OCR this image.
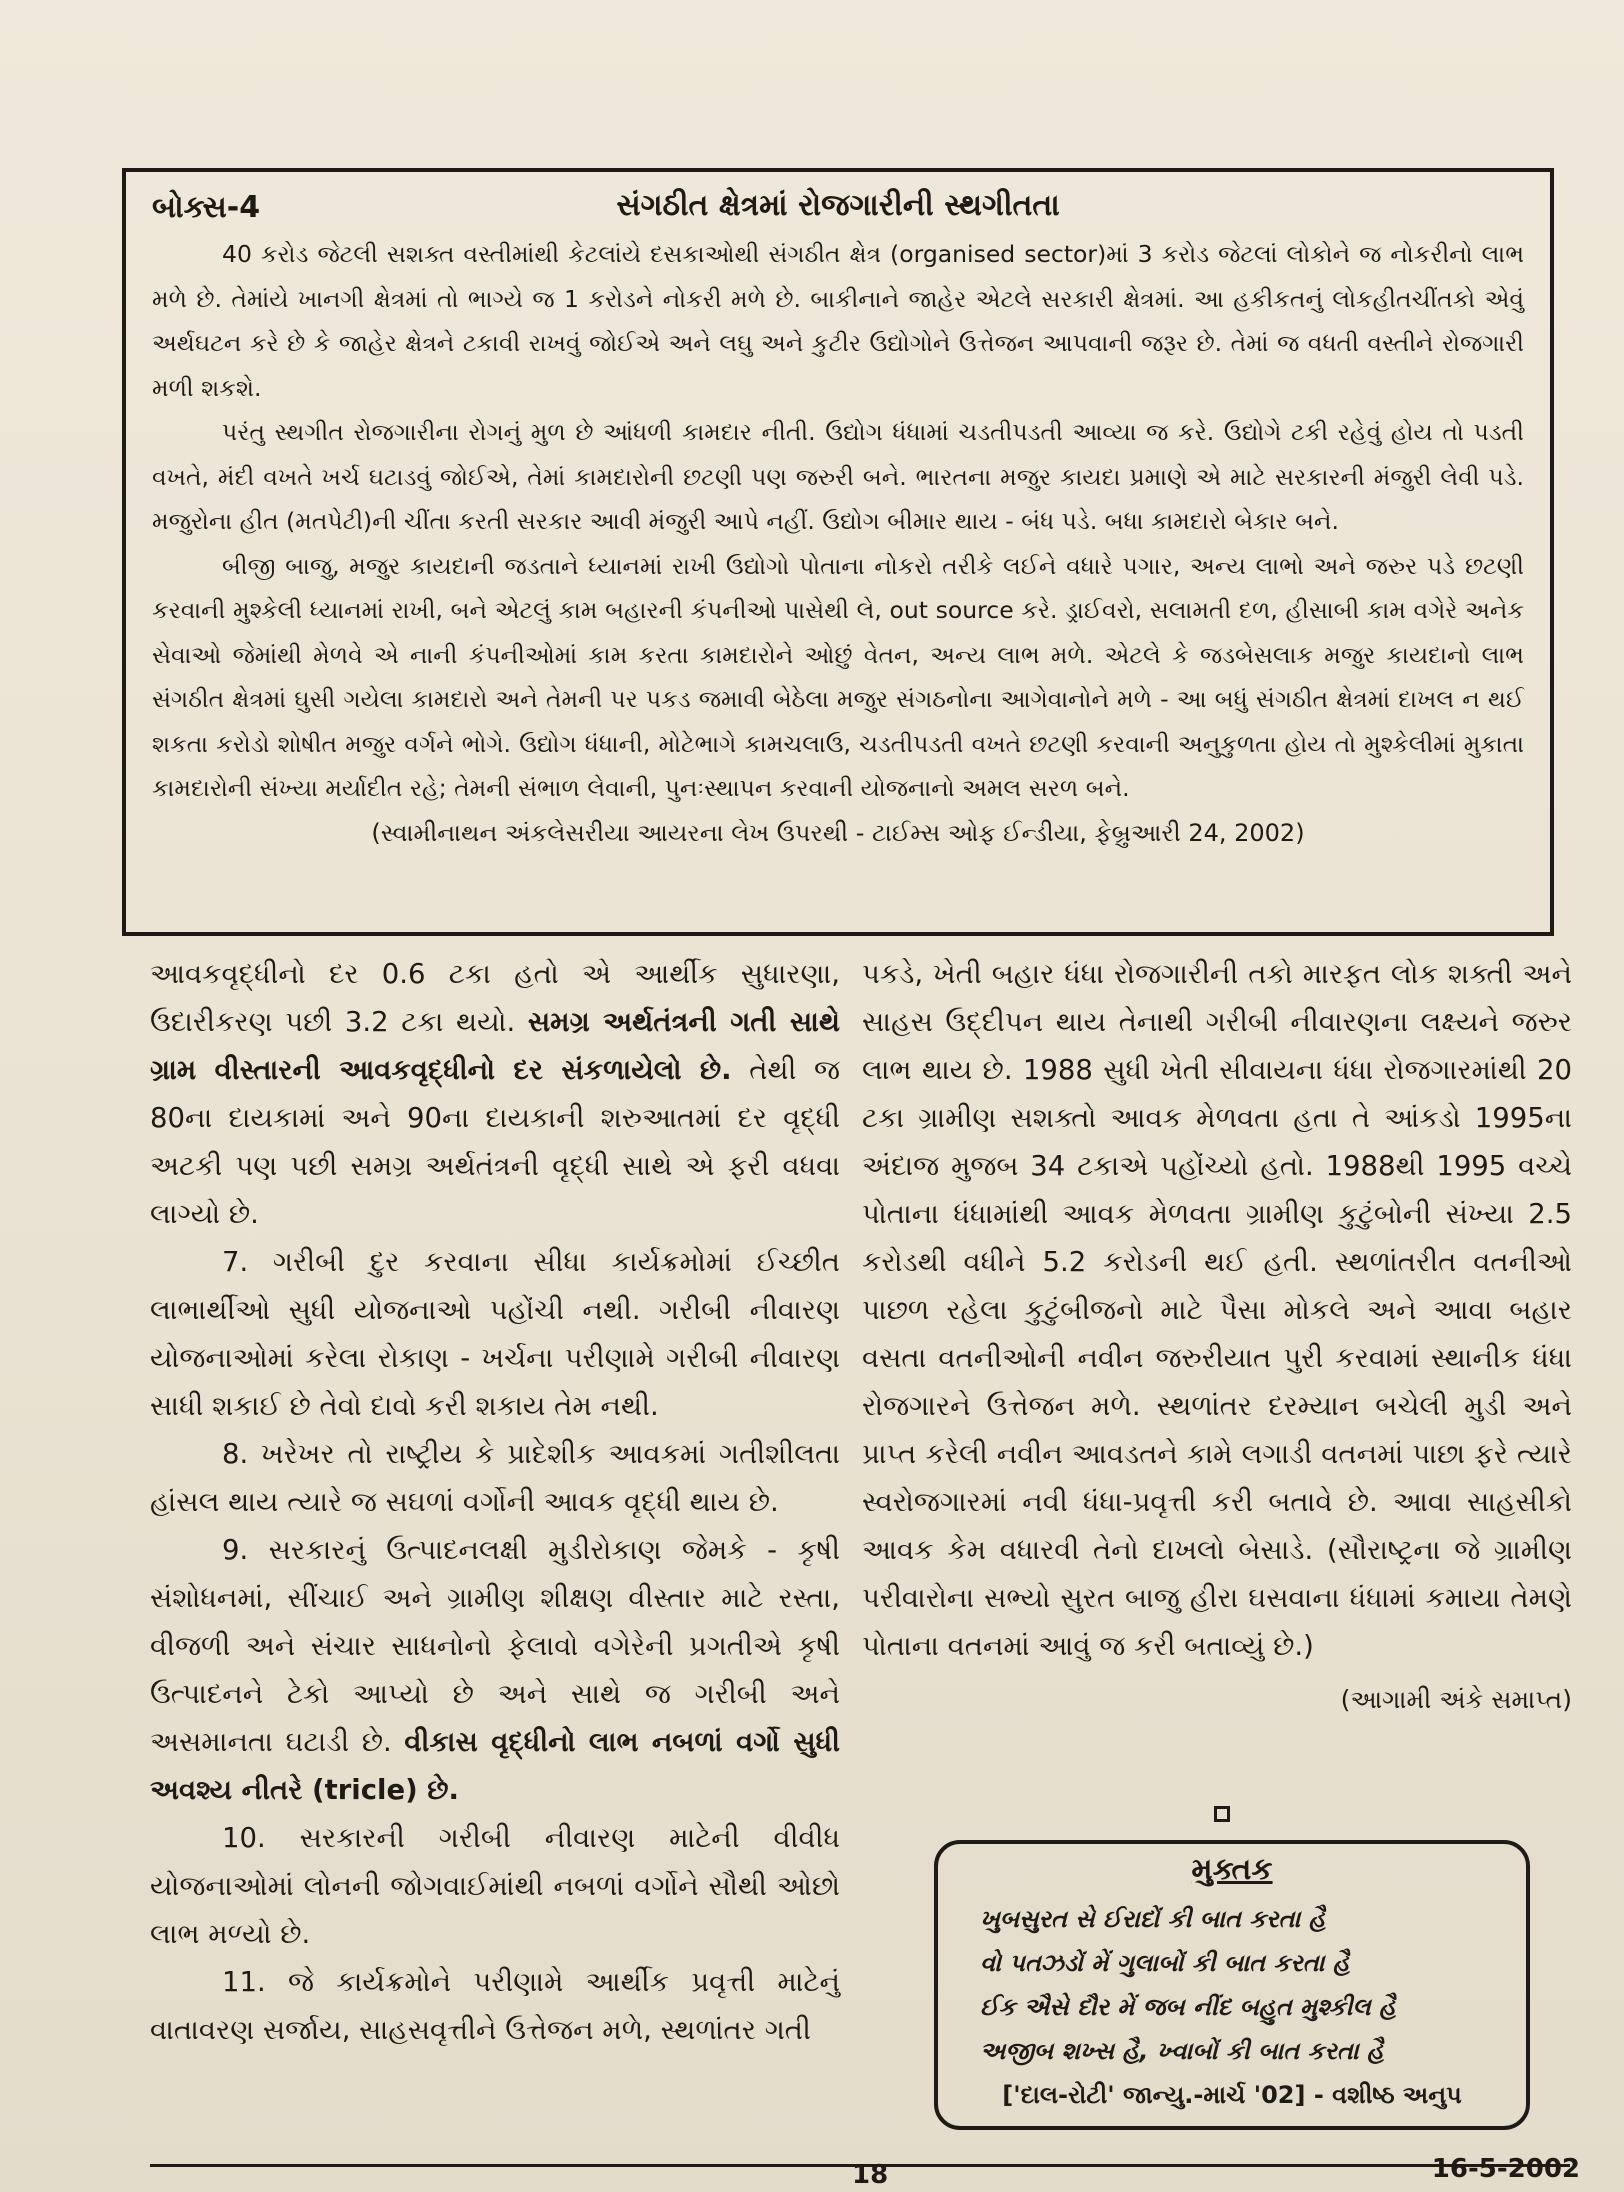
સંગઠીત ક્ષેત્રમાં રોજગારીની સ્થગીતતા
બોક્સ-4

40 કરોડ જેટલી સશક્ત વસ્તીમાંથી કેટલાંયે દસકાઓથી સંગઠીત ક્ષેત્ર (organised sector)માં 3 કરોડ જેટલાં લોકોને જ નોકરીનો લાભ મળે છે. તેમાંયે ખાનગી ક્ષેત્રમાં તો ભાગ્યે જ 1 કરોડને નોકરી મળે છે. બાકીનાને જાહેર એટલે સરકારી ક્ષેત્રમાં. આ હકીકતનું લોકહીતચીંતકો એવું અર્થઘટન કરે છે કે જાહેર ક્ષેત્રને ટકાવી રાખવું જોઈએ અને લઘુ અને કુટીર ઉદ્યોગોને ઉત્તેજન આપવાની જરૂર છે. તેમાં જ વધતી વસ્તીને રોજગારી મળી શકશે.

પરંતુ સ્થગીત રોજગારીના રોગનું મુળ છે આંધળી કામદાર નીતી. ઉદ્યોગ ધંધામાં ચડતીપડતી આવ્યા જ કરે. ઉદ્યોગે ટકી રહેવું હોય તો પડતી વખતે, મંદી વખતે ખર્ચ ઘટાડવું જોઈએ, તેમાં કામદારોની છટણી પણ જરુરી બને. ભારતના મજુર કાયદા પ્રમાણે એ માટે સરકારની મંજુરી લેવી પડે. મજુરોના હીત (મતપેટી)ની ચીંતા કરતી સરકાર આવી મંજુરી આપે નહીં. ઉદ્યોગ બીમાર થાય - બંધ પડે. બધા કામદારો બેકાર બને.

બીજી બાજુ, મજુર કાયદાની જડતાને ધ્યાનમાં રાખી ઉદ્યોગો પોતાના નોકરો તરીકે લઈને વધારે પગાર, અન્ય લાભો અને જરુર પડે છટણી કરવાની મુશ્કેલી ધ્યાનમાં રાખી, બને એટલું કામ બહારની કંપનીઓ પાસેથી લે, out source કરે. ડ્રાઈવરો, સલામતી દળ, હીસાબી કામ વગેરે અનેક સેવાઓ જેમાંથી મેળવે એ નાની કંપનીઓમાં કામ કરતા કામદારોને ઓછું વેતન, અન્ય લાભ મળે. એટલે કે જડબેસલાક મજુર કાયદાનો લાભ સંગઠીત ક્ષેત્રમાં ઘુસી ગયેલા કામદારો અને તેમની પર પકડ જમાવી બેઠેલા મજુર સંગઠનોના આગેવાનોને મળે - આ બધું સંગઠીત ક્ષેત્રમાં દાખલ ન થઈ શકતા કરોડો શોષીત મજુર વર્ગને ભોગે. ઉદ્યોગ ધંધાની, મોટેભાગે કામચલાઉ, ચડતીપડતી વખતે છટણી કરવાની અનુકુળતા હોય તો મુશ્કેલીમાં મુકાતા કામદારોની સંખ્યા મર્યાદીત રહે; તેમની સંભાળ લેવાની, પુનઃસ્થાપન કરવાની યોજનાનો અમલ સરળ બને.

(સ્વામીનાથન અંકલેસરીયા આયરના લેખ ઉપરથી - ટાઈમ્સ ઓફ ઈન્ડીયા, ફેબ્રુઆરી 24, 2002)

આવકવૃદ્ધીનો દર 0.6 ટકા હતો એ આર્થીક સુધારણા, ઉદારીકરણ પછી 3.2 ટકા થયો. સમગ્ર અર્થતંત્રની ગતી સાથે ગ્રામ વીસ્તારની આવકવૃદ્ધીનો દર સંકળાયેલો છે. તેથી જ 80ના દાયકામાં અને 90ના દાયકાની શરુઆતમાં દર વૃદ્ધી અટકી પણ પછી સમગ્ર અર્થતંત્રની વૃદ્ધી સાથે એ ફરી વધવા લાગ્યો છે.

7. ગરીબી દુર કરવાના સીધા કાર્યક્રમોમાં ઈચ્છીત લાભાર્થીઓ સુધી યોજનાઓ પહોંચી નથી. ગરીબી નીવારણ યોજનાઓમાં કરેલા રોકાણ - ખર્ચના પરીણામે ગરીબી નીવારણ સાધી શકાઈ છે તેવો દાવો કરી શકાય તેમ નથી.

8. ખરેખર તો રાષ્ટ્રીય કે પ્રાદેશીક આવકમાં ગતીશીલતા હાંસલ થાય ત્યારે જ સઘળાં વર્ગોની આવક વૃદ્ધી થાય છે.

9. સરકારનું ઉત્પાદનલક્ષી મુડીરોકાણ જેમકે - કૃષી સંશોધનમાં, સીંચાઈ અને ગ્રામીણ શીક્ષણ વીસ્તાર માટે રસ્તા, વીજળી અને સંચાર સાધનોનો ફેલાવો વગેરેની પ્રગતીએ કૃષી ઉત્પાદનને ટેકો આપ્યો છે અને સાથે જ ગરીબી અને અસમાનતા ઘટાડી છે. વીકાસ વૃદ્ધીનો લાભ નબળાં વર્ગો સુધી અવશ્ય નીતરે (tricle) છે.

10. સરકારની ગરીબી નીવારણ માટેની વીવીધ યોજનાઓમાં લોનની જોગવાઈમાંથી નબળાં વર્ગોને સૌથી ઓછો લાભ મળ્યો છે.

11. જે કાર્યક્રમોને પરીણામે આર્થીક પ્રવૃત્તી માટેનું વાતાવરણ સર્જાય, સાહસવૃત્તીને ઉત્તેજન મળે, સ્થળાંતર ગતી

પકડે, ખેતી બહાર ધંધા રોજગારીની તકો મારફત લોક શક્તી અને સાહસ ઉદ્દીપન થાય તેનાથી ગરીબી નીવારણના લક્ષ્યને જરુર લાભ થાય છે. 1988 સુધી ખેતી સીવાયના ધંધા રોજગારમાંથી 20 ટકા ગ્રામીણ સશક્તો આવક મેળવતા હતા તે આંકડો 1995ના અંદાજ મુજબ 34 ટકાએ પહોંચ્યો હતો. 1988થી 1995 વચ્ચે પોતાના ધંધામાંથી આવક મેળવતા ગ્રામીણ કુટુંબોની સંખ્યા 2.5 કરોડથી વધીને 5.2 કરોડની થઈ હતી. સ્થળાંતરીત વતનીઓ પાછળ રહેલા કુટુંબીજનો માટે પૈસા મોકલે અને આવા બહાર વસતા વતનીઓની નવીન જરુરીયાત પુરી કરવામાં સ્થાનીક ધંધા રોજગારને ઉત્તેજન મળે. સ્થળાંતર દરમ્યાન બચેલી મુડી અને પ્રાપ્ત કરેલી નવીન આવડતને કામે લગાડી વતનમાં પાછા ફરે ત્યારે સ્વરોજગારમાં નવી ધંધા-પ્રવૃત્તી કરી બતાવે છે. આવા સાહસીકો આવક કેમ વધારવી તેનો દાખલો બેસાડે. (સૌરાષ્ટ્રના જે ગ્રામીણ પરીવારોના સભ્યો સુરત બાજુ હીરા ઘસવાના ધંધામાં કમાયા તેમણે પોતાના વતનમાં આવું જ કરી બતાવ્યું છે.)

(આગામી અંકે સમાપ્ત)

મુક્તક
ખુબસુરત સે ઈરાદોં કી બાત કરતા હૈ
વો પતઝડોં મેં ગુલાબોં કી બાત કરતા હૈ
ઈક ઐસે દૌર મેં જબ નીંદ બહુત મુશ્કીલ હૈ
અજીબ શખ્સ હૈ, ખ્વાબોં કી બાત કરતા હૈ
['દાલ-રોટી' જાન્યુ.-માર્ચ '02] - વશીષ્ઠ અનુપ
18	16-5-2002
